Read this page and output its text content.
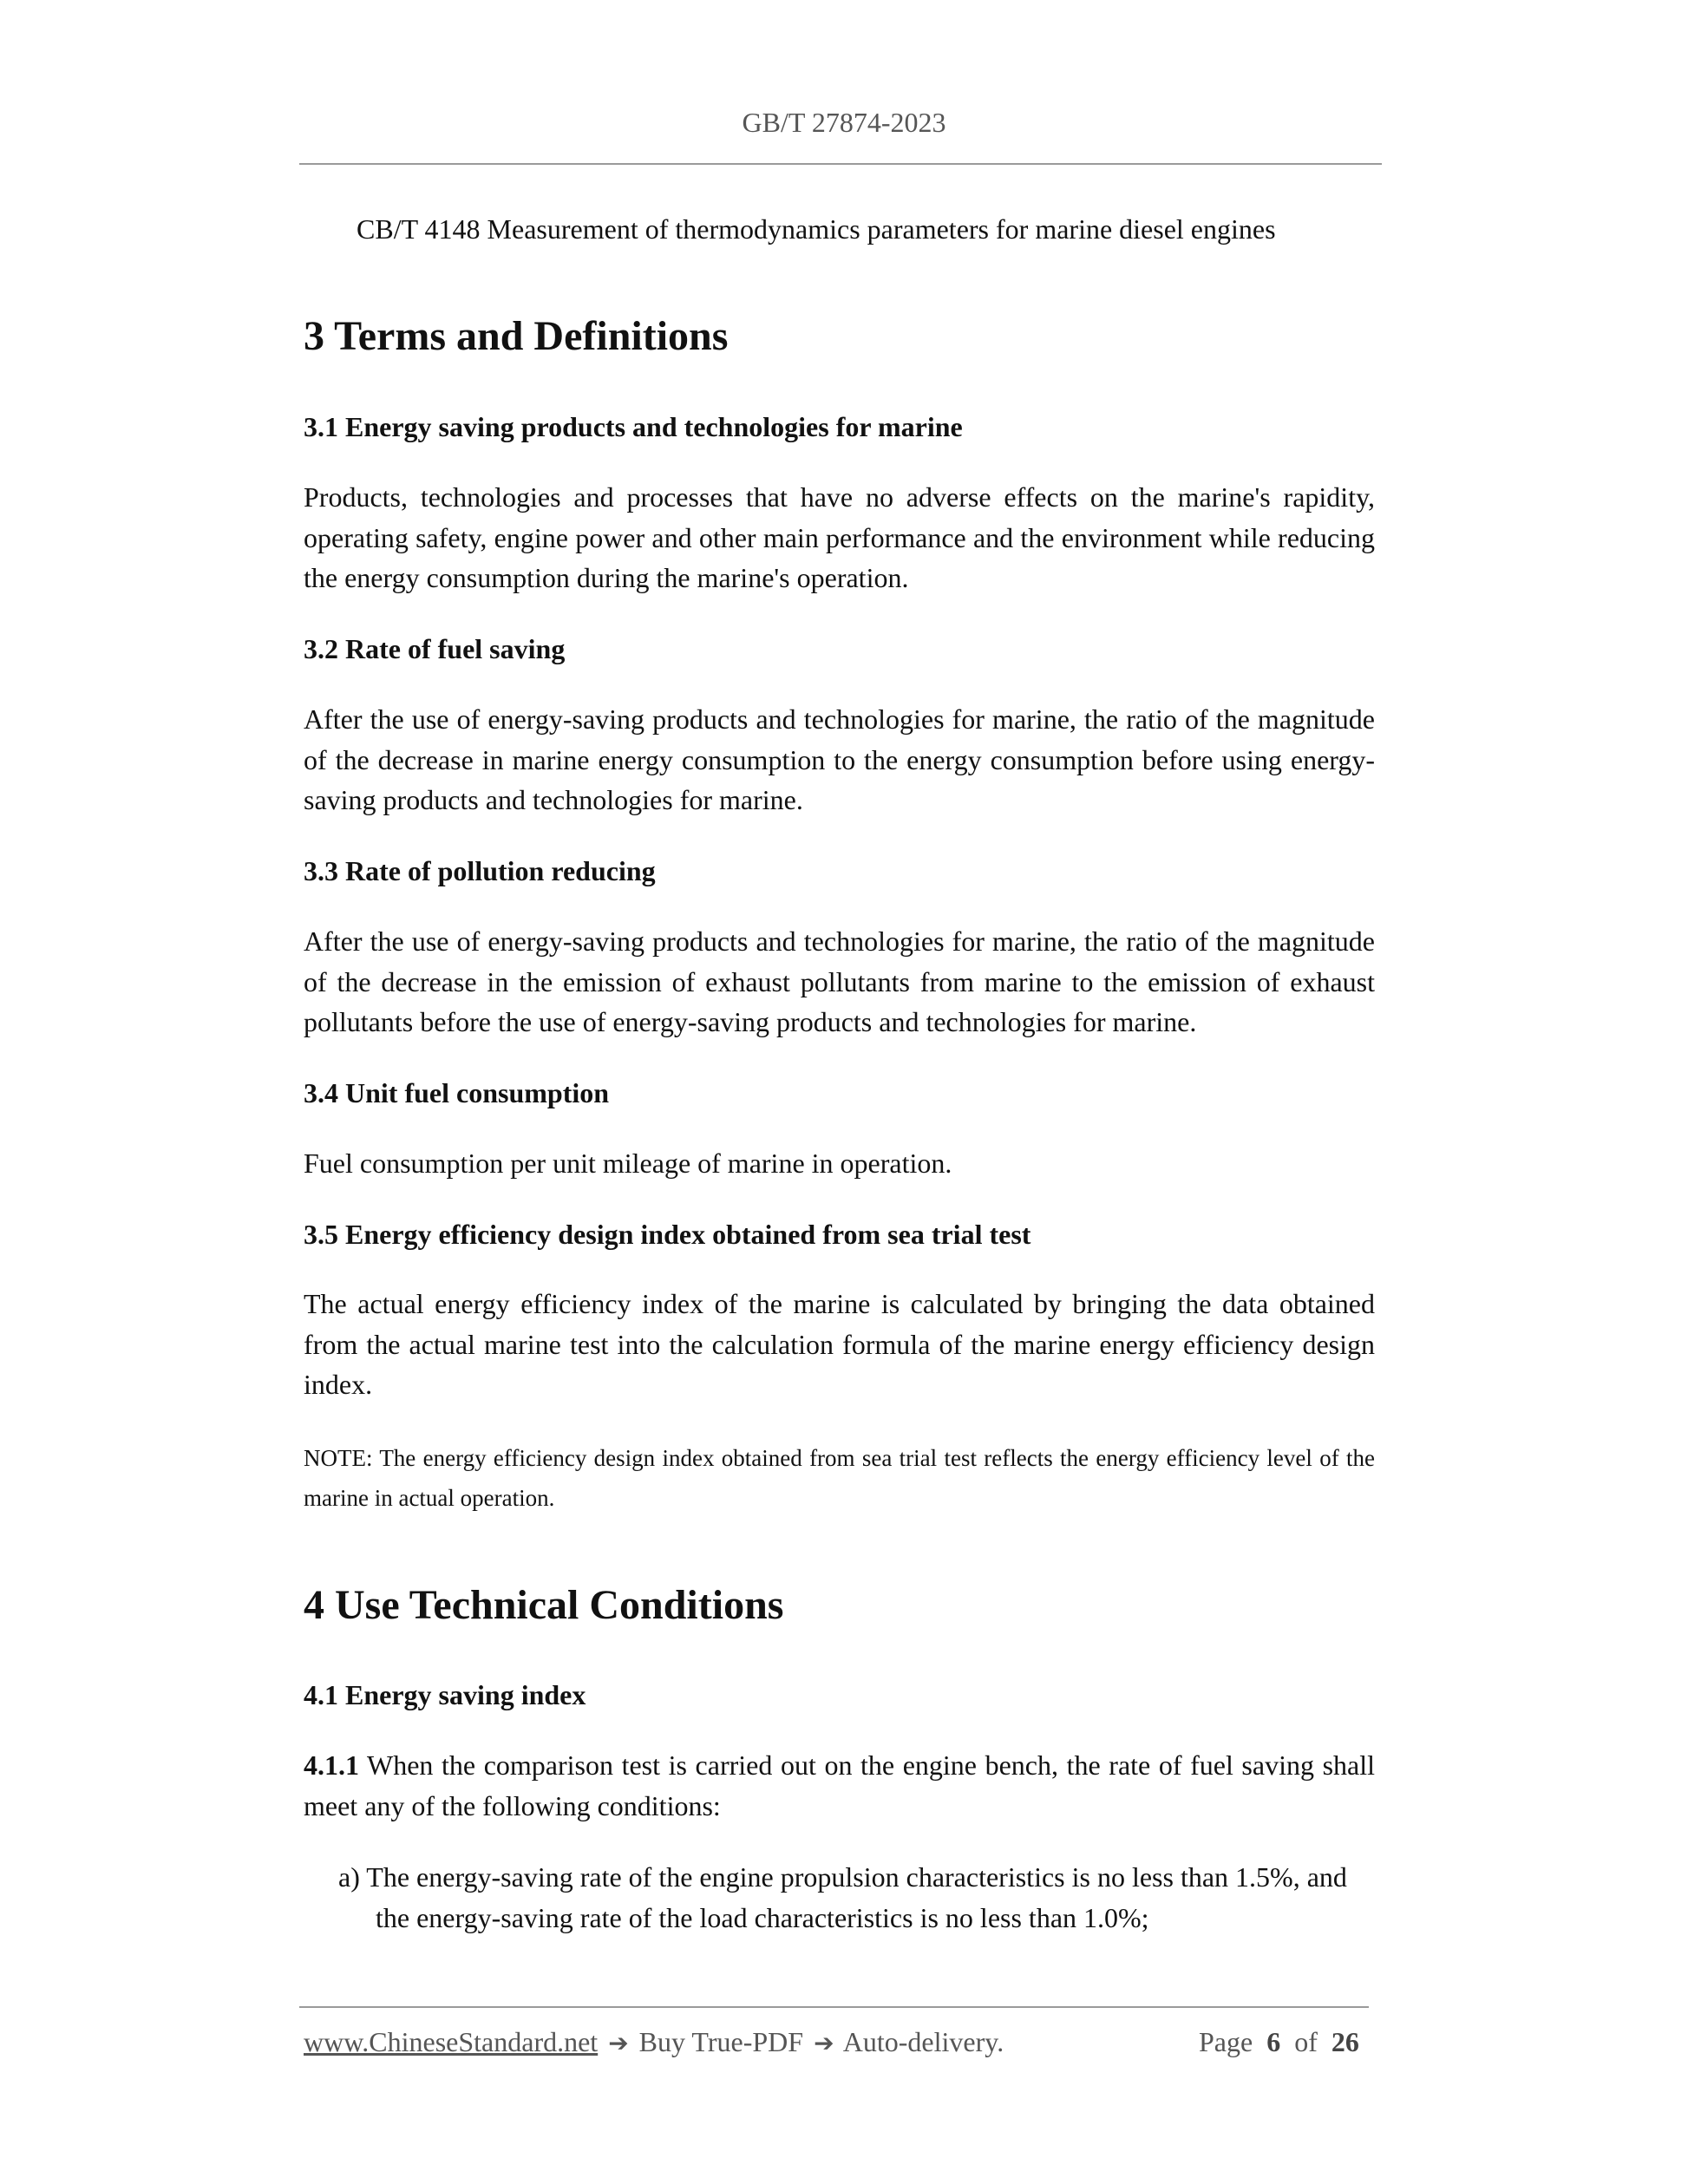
GB/T 27874-2023
CB/T 4148 Measurement of thermodynamics parameters for marine diesel engines
3 Terms and Definitions
3.1 Energy saving products and technologies for marine
Products, technologies and processes that have no adverse effects on the marine's rapidity, operating safety, engine power and other main performance and the environment while reducing the energy consumption during the marine's operation.
3.2 Rate of fuel saving
After the use of energy-saving products and technologies for marine, the ratio of the magnitude of the decrease in marine energy consumption to the energy consumption before using energy-saving products and technologies for marine.
3.3 Rate of pollution reducing
After the use of energy-saving products and technologies for marine, the ratio of the magnitude of the decrease in the emission of exhaust pollutants from marine to the emission of exhaust pollutants before the use of energy-saving products and technologies for marine.
3.4 Unit fuel consumption
Fuel consumption per unit mileage of marine in operation.
3.5 Energy efficiency design index obtained from sea trial test
The actual energy efficiency index of the marine is calculated by bringing the data obtained from the actual marine test into the calculation formula of the marine energy efficiency design index.
NOTE: The energy efficiency design index obtained from sea trial test reflects the energy efficiency level of the marine in actual operation.
4 Use Technical Conditions
4.1 Energy saving index
4.1.1 When the comparison test is carried out on the engine bench, the rate of fuel saving shall meet any of the following conditions:
a) The energy-saving rate of the engine propulsion characteristics is no less than 1.5%, and
the energy-saving rate of the load characteristics is no less than 1.0%;
www.ChineseStandard.net ➔ Buy True-PDF ➔ Auto-delivery.	Page 6 of 26
